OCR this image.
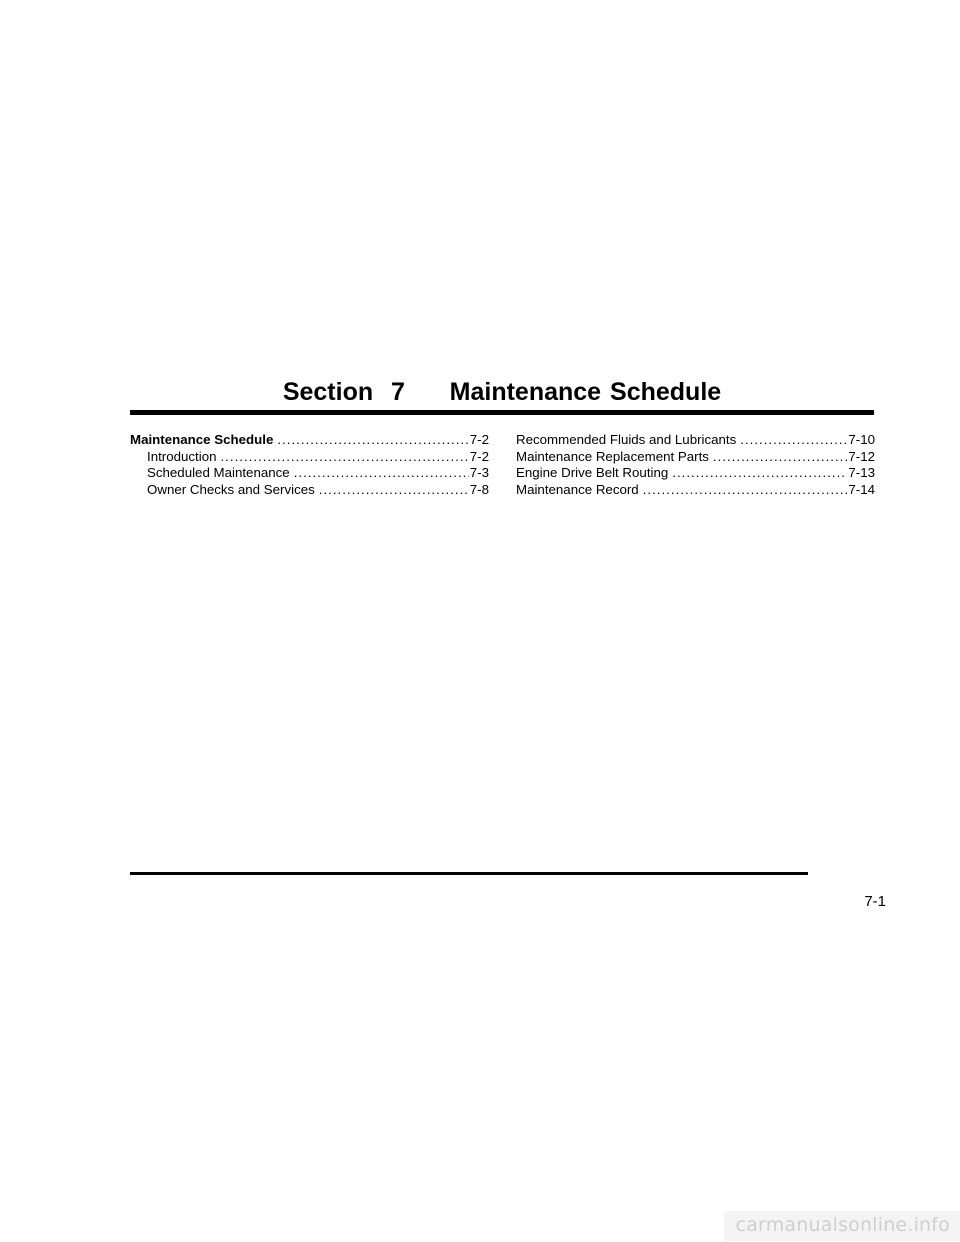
Section  7     Maintenance Schedule
Maintenance Schedule .....	7-2
Introduction .....	7-2
Scheduled Maintenance .....	7-3
Owner Checks and Services .....	7-8
Recommended Fluids and Lubricants .....	7-10
Maintenance Replacement Parts .....	7-12
Engine Drive Belt Routing .....	7-13
Maintenance Record .....	7-14
7-1
carmanualsonline.info
